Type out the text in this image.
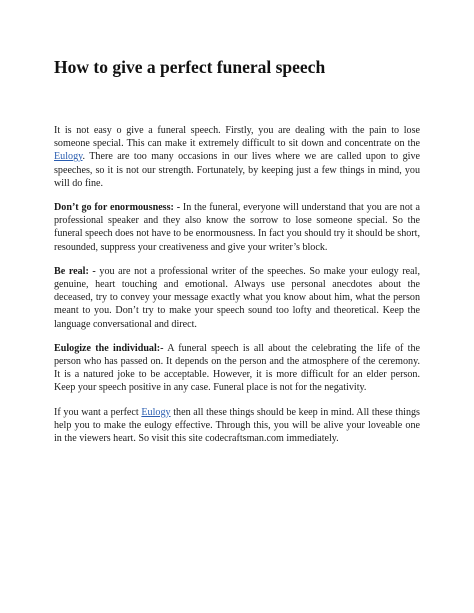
How to give a perfect funeral speech

It is not easy o give a funeral speech. Firstly, you are dealing with the pain to lose someone special. This can make it extremely difficult to sit down and concentrate on the Eulogy. There are too many occasions in our lives where we are called upon to give speeches, so it is not our strength. Fortunately, by keeping just a few things in mind, you will do fine.

Don’t go for enormousness: - In the funeral, everyone will understand that you are not a professional speaker and they also know the sorrow to lose someone special. So the funeral speech does not have to be enormousness. In fact you should try it should be short, resounded, suppress your creativeness and give your writer’s block.

Be real: - you are not a professional writer of the speeches. So make your eulogy real, genuine, heart touching and emotional. Always use personal anecdotes about the deceased, try to convey your message exactly what you know about him, what the person meant to you. Don’t try to make your speech sound too lofty and theoretical. Keep the language conversational and direct.

Eulogize the individual:- A funeral speech is all about the celebrating the life of the person who has passed on. It depends on the person and the atmosphere of the ceremony. It is a natured joke to be acceptable. However, it is more difficult for an elder person. Keep your speech positive in any case. Funeral place is not for the negativity.

If you want a perfect Eulogy then all these things should be keep in mind. All these things help you to make the eulogy effective. Through this, you will be alive your loveable one in the viewers heart. So visit this site codecraftsman.com immediately.
